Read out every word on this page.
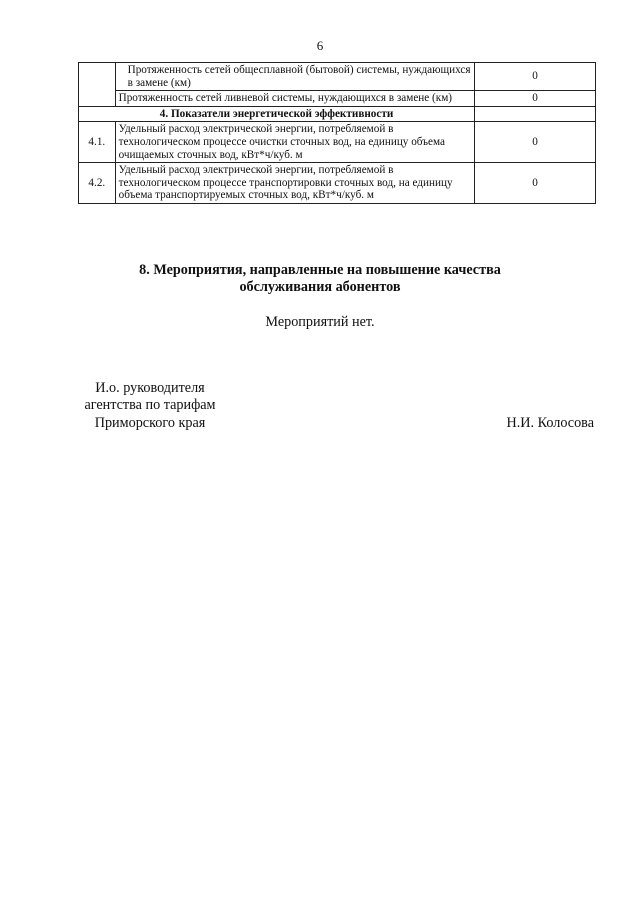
6
	Протяженность сетей общесплавной (бытовой) системы, нуждающихся в замене (км)	0
	Протяженность сетей ливневой системы, нуждающихся в замене (км)	0
4. Показатели энергетической эффективности		
4.1.	Удельный расход электрической энергии, потребляемой в технологическом процессе очистки сточных вод, на единицу объема очищаемых сточных вод, кВт*ч/куб. м	0
4.2.	Удельный расход электрической энергии, потребляемой в технологическом процессе транспортировки сточных вод, на единицу объема транспортируемых сточных вод, кВт*ч/куб. м	0
8. Мероприятия, направленные на повышение качества
обслуживания абонентов
Мероприятий нет.
И.о. руководителя
агентства по тарифам
Приморского края	Н.И. Колосова
